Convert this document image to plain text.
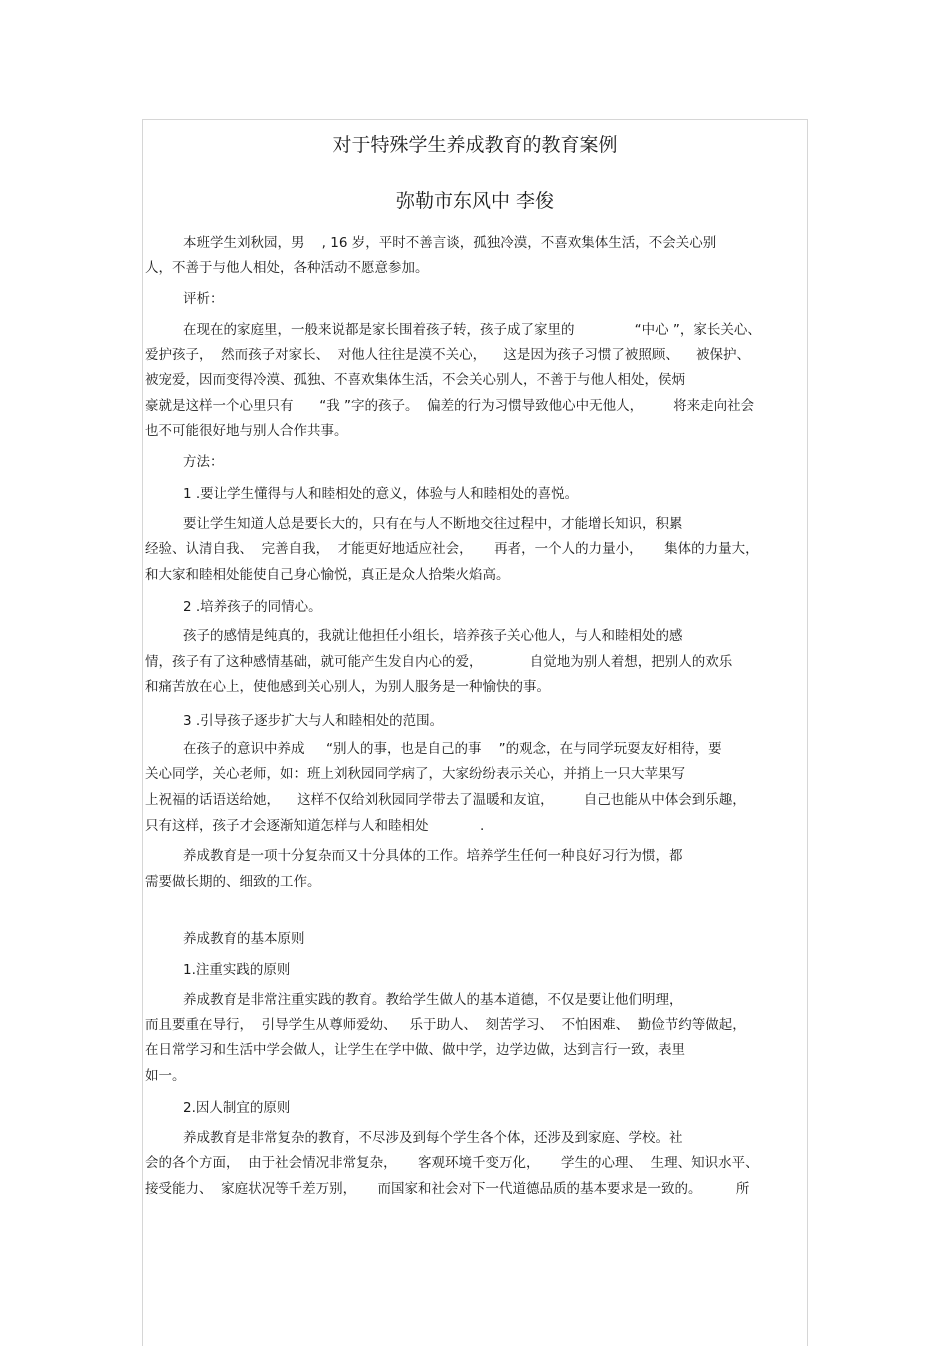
对于特殊学生养成教育的教育案例
弥勒市东风中 李俊
本班学生刘秋园，男    , 16 岁，平时不善言谈，孤独冷漠，不喜欢集体生活，不会关心别
人，不善于与他人相处，各种活动不愿意参加。
评析：
在现在的家庭里，一般来说都是家长围着孩子转，孩子成了家里的              “中心 ”，家长关心、
爱护孩子，  然而孩子对家长、  对他人往往是漠不关心，    这是因为孩子习惯了被照顾、    被保护、
被宠爱，因而变得冷漠、孤独、不喜欢集体生活，不会关心别人，不善于与他人相处，侯炳
豪就是这样一个心里只有      “我 ”字的孩子。  偏差的行为习惯导致他心中无他人，       将来走向社会
也不可能很好地与别人合作共事。
方法：
1 .要让学生懂得与人和睦相处的意义，体验与人和睦相处的喜悦。
要让学生知道人总是要长大的，只有在与人不断地交往过程中，才能增长知识，积累
经验、认清自我、  完善自我，  才能更好地适应社会，     再者，一个人的力量小，     集体的力量大，
和大家和睦相处能使自己身心愉悦，真正是众人拾柴火焰高。
2 .培养孩子的同情心。
孩子的感情是纯真的，我就让他担任小组长，培养孩子关心他人，与人和睦相处的感
情，孩子有了这种感情基础，就可能产生发自内心的爱，           自觉地为别人着想，把别人的欢乐
和痛苦放在心上，使他感到关心别人，为别人服务是一种愉快的事。
3 .引导孩子逐步扩大与人和睦相处的范围。
在孩子的意识中养成     “别人的事，也是自己的事    ”的观念，在与同学玩耍友好相待，要
关心同学，关心老师，如：班上刘秋园同学病了，大家纷纷表示关心，并捎上一只大苹果写
上祝福的话语送给她，    这样不仅给刘秋园同学带去了温暖和友谊，       自己也能从中体会到乐趣，
只有这样，孩子才会逐渐知道怎样与人和睦相处            .
养成教育是一项十分复杂而又十分具体的工作。培养学生任何一种良好习行为惯，都
需要做长期的、细致的工作。
养成教育的基本原则
1.注重实践的原则
养成教育是非常注重实践的教育。教给学生做人的基本道德，不仅是要让他们明理，
而且要重在导行，  引导学生从尊师爱幼、   乐于助人、  刻苦学习、  不怕困难、  勤俭节约等做起，
在日常学习和生活中学会做人，让学生在学中做、做中学，边学边做，达到言行一致，表里
如一。
2.因人制宜的原则
养成教育是非常复杂的教育，不尽涉及到每个学生各个体，还涉及到家庭、学校。社
会的各个方面，  由于社会情况非常复杂，     客观环境千变万化，     学生的心理、  生理、知识水平、
接受能力、  家庭状况等千差万别，     而国家和社会对下一代道德品质的基本要求是一致的。        所
